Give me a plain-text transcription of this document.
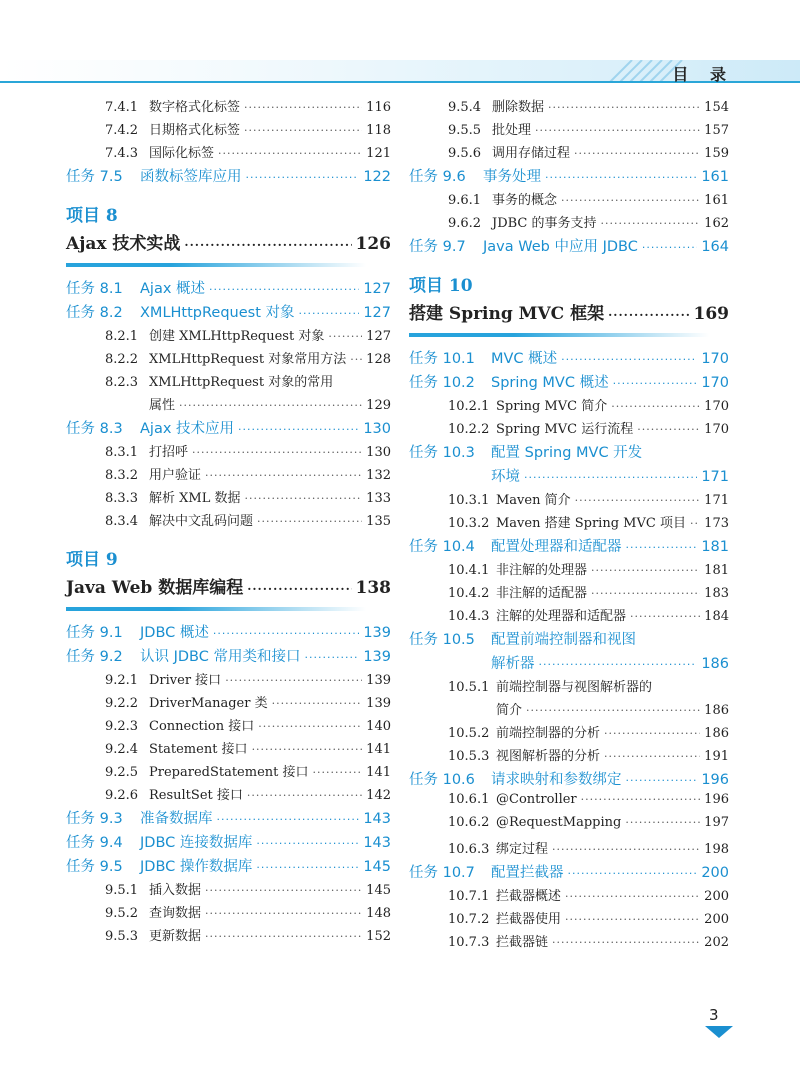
目 录
7.4.1 数字格式化标签 ·····	116
7.4.2 日期格式化标签 ·····	118
7.4.3 国际化标签 ·····	121
任务 7.5	函数标签库应用 ·····	122
项目 8
Ajax 技术实战 ·····	126
任务 8.1	Ajax 概述 ·····	127
任务 8.2	XMLHttpRequest 对象 ·····	127
8.2.1 创建 XMLHttpRequest 对象 ·····	127
8.2.2 XMLHttpRequest 对象常用方法 ····· 128
8.2.3 XMLHttpRequest 对象的常用
属性 ·····	129
任务 8.3	Ajax 技术应用 ·····	130
8.3.1 打招呼 ·····	130
8.3.2 用户验证 ·····	132
8.3.3 解析 XML 数据 ·····	133
8.3.4 解决中文乱码问题 ·····	135
项目 9
Java Web 数据库编程 ·····	138
任务 9.1	JDBC 概述 ·····	139
任务 9.2	认识 JDBC 常用类和接口 ·····	139
9.2.1 Driver 接口 ·····	139
9.2.2 DriverManager 类 ·····	139
9.2.3 Connection 接口 ·····	140
9.2.4 Statement 接口 ·····	141
9.2.5 PreparedStatement 接口 ·····	141
9.2.6 ResultSet 接口 ·····	142
任务 9.3	准备数据库 ·····	143
任务 9.4	JDBC 连接数据库 ·····	143
任务 9.5	JDBC 操作数据库 ·····	145
9.5.1 插入数据 ·····	145
9.5.2 查询数据 ·····	148
9.5.3 更新数据 ·····	152
9.5.4 删除数据 ·····	154
9.5.5 批处理 ·····	157
9.5.6 调用存储过程 ·····	159
任务 9.6	事务处理 ·····	161
9.6.1 事务的概念 ·····	161
9.6.2 JDBC 的事务支持 ·····	162
任务 9.7	Java Web 中应用 JDBC ·····	164
项目 10
搭建 Spring MVC 框架 ·····	169
任务 10.1	MVC 概述 ·····	170
任务 10.2	Spring MVC 概述 ·····	170
10.2.1 Spring MVC 简介 ·····	170
10.2.2 Spring MVC 运行流程 ·····	170
任务 10.3	配置 Spring MVC 开发
环境 ·····	171
10.3.1 Maven 简介 ·····	171
10.3.2 Maven 搭建 Spring MVC 项目 ····· 173
任务 10.4	配置处理器和适配器 ·····	181
10.4.1 非注解的处理器 ·····	181
10.4.2 非注解的适配器 ·····	183
10.4.3 注解的处理器和适配器 ·····	184
任务 10.5	配置前端控制器和视图
解析器 ·····	186
10.5.1 前端控制器与视图解析器的
简介 ·····	186
10.5.2 前端控制器的分析 ·····	186
10.5.3 视图解析器的分析 ·····	191
任务 10.6	请求映射和参数绑定 ·····	196
10.6.1 @Controller ·····	196
10.6.2 @RequestMapping ·····	197
10.6.3 绑定过程 ·····	198
任务 10.7	配置拦截器 ·····	200
10.7.1 拦截器概述 ·····	200
10.7.2 拦截器使用 ·····	200
10.7.3 拦截器链 ·····	202
3
